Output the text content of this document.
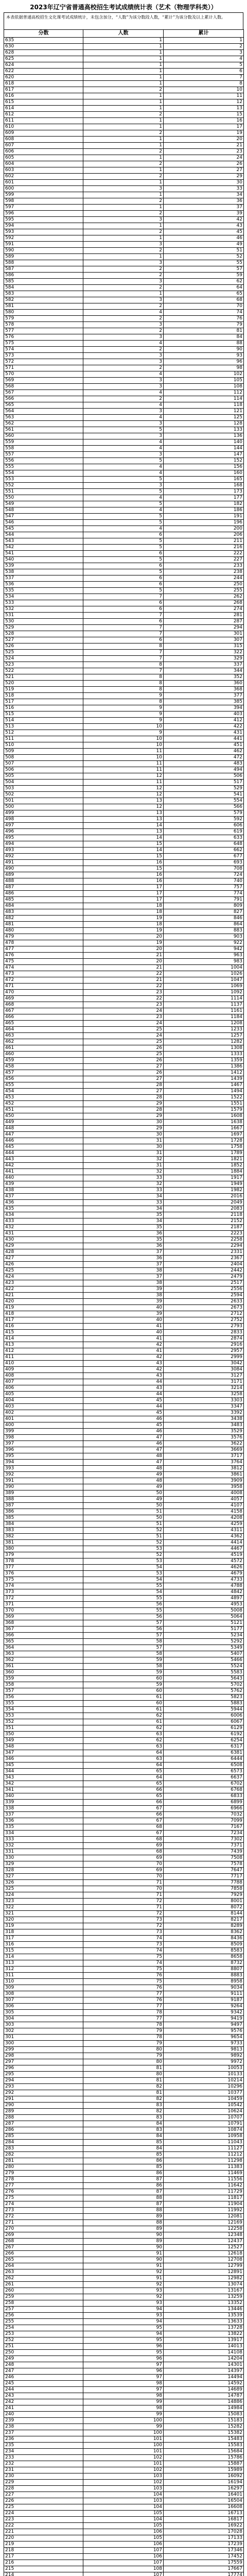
2023年辽宁省普通高校招生考试成绩统计表（艺术（物理学科类））
本表依据普通高校招生文化课考试成绩统计，未包含加分，“人数”为该分数段人数，“累计”为该分数及以上累计人数。
分数	人数	累计
635	1	1
630	1	2
628	1	3
625	1	4
624	1	5
622	1	6
620	1	7
618	1	8
617	2	10
616	1	11
615	1	12
614	1	13
612	2	15
611	1	16
610	1	17
609	2	19
608	1	20
607	1	21
606	2	23
605	1	24
604	2	26
603	1	27
602	2	29
601	1	30
600	3	33
599	1	34
598	2	36
597	1	37
596	2	39
595	3	42
594	1	43
593	2	45
592	1	46
591	3	49
590	2	51
589	1	52
588	3	55
587	2	57
586	2	59
585	3	62
584	2	64
583	1	65
582	3	68
581	2	70
580	4	74
579	2	76
578	3	79
577	2	81
576	3	84
575	4	88
574	2	90
573	3	93
572	3	96
571	2	98
570	4	102
569	3	105
568	3	108
567	4	112
566	2	114
565	4	118
564	3	121
563	4	125
562	3	128
561	5	133
560	3	136
559	4	140
558	4	144
557	3	147
556	5	152
555	4	156
554	4	160
553	5	165
552	3	168
551	5	173
550	4	177
549	5	182
548	4	186
547	5	191
546	5	196
545	4	200
544	6	206
543	5	211
542	5	216
541	6	222
540	5	227
539	6	233
538	5	238
537	6	244
536	6	250
535	5	255
534	7	262
533	6	268
532	6	274
531	7	281
530	6	287
529	7	294
528	7	301
527	6	307
526	8	315
525	7	322
524	7	329
523	8	337
522	7	344
521	8	352
520	8	360
519	8	368
518	9	377
517	8	385
516	9	394
515	9	403
514	9	412
513	10	422
512	9	431
511	10	441
510	10	451
509	11	462
508	10	472
507	11	483
506	11	494
505	12	506
504	11	517
503	12	529
502	12	541
501	13	554
500	12	566
499	13	579
498	13	592
497	14	606
496	13	619
495	14	633
494	15	648
493	14	662
492	15	677
491	16	693
490	15	708
489	16	724
488	16	740
487	17	757
486	17	774
485	17	791
484	18	809
483	18	827
482	19	846
481	18	864
480	19	883
479	20	903
478	19	922
477	20	942
476	21	963
475	20	983
474	21	1004
473	22	1026
472	21	1047
471	22	1069
470	23	1092
469	22	1114
468	23	1137
467	24	1161
466	23	1184
465	24	1208
464	25	1233
463	24	1257
462	25	1282
461	26	1308
460	25	1333
459	26	1359
458	27	1386
457	26	1412
456	27	1439
455	28	1467
454	27	1494
453	28	1522
452	29	1551
451	28	1579
450	29	1608
449	30	1638
448	29	1667
447	30	1697
446	31	1728
445	30	1758
444	31	1789
443	32	1821
442	31	1852
441	32	1884
440	33	1917
439	32	1949
438	33	1982
437	34	2016
436	33	2049
435	34	2083
434	35	2118
433	34	2152
432	35	2187
431	36	2223
430	35	2258
429	36	2294
428	37	2331
427	36	2367
426	37	2404
425	38	2442
424	37	2479
423	38	2517
422	39	2556
421	38	2594
420	39	2633
419	40	2673
418	39	2712
417	40	2752
416	41	2793
415	40	2833
414	41	2874
413	42	2916
412	41	2957
411	42	2999
410	43	3042
409	42	3084
408	43	3127
407	44	3171
406	43	3214
405	44	3258
404	45	3303
403	44	3347
402	45	3392
401	46	3438
400	45	3483
399	46	3529
398	47	3576
397	46	3622
396	47	3669
395	48	3717
394	47	3764
393	48	3812
392	49	3861
391	48	3909
390	49	3958
389	50	4008
388	49	4057
387	50	4107
386	51	4158
385	50	4208
384	51	4259
383	52	4311
382	51	4362
381	52	4414
380	53	4467
379	52	4519
378	53	4572
377	54	4626
376	53	4679
375	54	4733
374	55	4788
373	54	4842
372	55	4897
371	56	4953
370	55	5008
369	56	5064
368	57	5121
367	56	5177
366	57	5234
365	58	5292
364	57	5349
363	58	5407
362	59	5466
361	58	5524
360	59	5583
359	60	5643
358	59	5702
357	60	5762
356	61	5823
355	60	5883
354	61	5944
353	62	6006
352	61	6067
351	62	6129
350	63	6192
349	62	6254
348	63	6317
347	64	6381
346	63	6444
345	64	6508
344	65	6573
343	64	6637
342	65	6702
341	66	6768
340	65	6833
339	66	6899
338	67	6966
337	66	7032
336	67	7099
335	68	7167
334	67	7234
333	68	7302
332	69	7371
331	68	7439
330	69	7508
329	70	7578
328	69	7647
327	70	7717
326	71	7788
325	70	7858
324	71	7929
323	72	8001
322	71	8072
321	72	8144
320	73	8217
319	72	8289
318	73	8362
317	74	8436
316	73	8509
315	74	8583
314	75	8658
313	74	8732
312	75	8807
311	76	8883
310	75	8958
309	76	9034
308	77	9111
307	76	9187
306	77	9264
305	78	9342
304	77	9419
303	78	9497
302	79	9576
301	78	9654
300	79	9733
299	80	9813
298	79	9892
297	80	9972
296	81	10053
295	80	10133
294	81	10214
293	82	10296
292	81	10377
291	82	10459
290	83	10542
289	82	10624
288	83	10707
287	84	10791
286	83	10874
285	84	10958
284	85	11043
283	84	11127
282	85	11212
281	86	11298
280	85	11383
279	86	11469
278	87	11556
277	86	11642
276	87	11729
275	88	11817
274	87	11904
273	88	11992
272	89	12081
271	88	12169
270	89	12258
269	90	12348
268	89	12437
267	90	12527
266	91	12618
265	90	12708
264	91	12799
263	92	12891
262	91	12982
261	92	13074
260	93	13167
259	92	13259
258	93	13352
257	94	13446
256	93	13539
255	94	13633
254	95	13728
253	94	13822
252	95	13917
251	96	14013
250	95	14108
249	96	14204
248	97	14301
247	96	14397
246	97	14494
245	98	14592
244	97	14689
243	98	14787
242	99	14886
241	98	14984
240	99	15083
239	100	15183
238	99	15282
237	100	15382
236	101	15483
235	100	15583
234	101	15684
233	102	15786
232	101	15887
231	102	15989
230	103	16092
229	102	16194
228	103	16297
227	104	16401
226	103	16504
225	104	16608
224	105	16713
223	104	16817
222	105	16922
221	106	17028
220	105	17133
219	106	17239
218	107	17346
217	106	17452
216	107	17559
215	108	17667
214	107	17774
